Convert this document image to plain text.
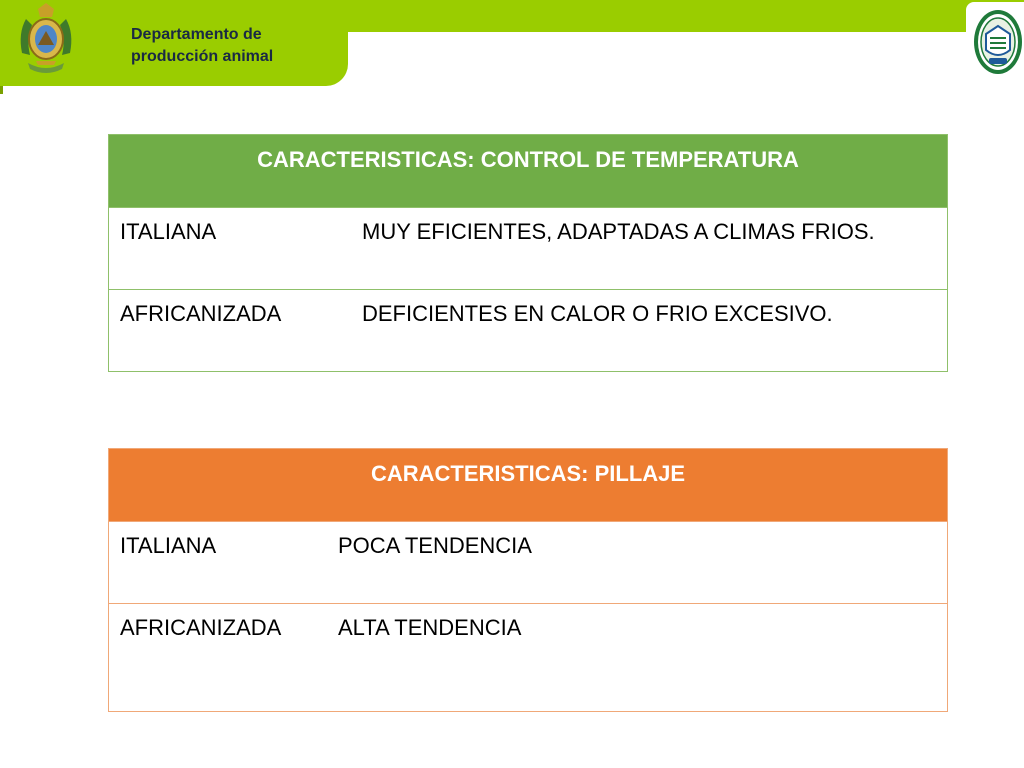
Departamento de
producción animal
CARACTERISTICAS: CONTROL DE TEMPERATURA	
ITALIANA	MUY EFICIENTES, ADAPTADAS A CLIMAS FRIOS.
AFRICANIZADA	DEFICIENTES EN CALOR O FRIO EXCESIVO.
CARACTERISTICAS: PILLAJE	
ITALIANA	POCA TENDENCIA
AFRICANIZADA	ALTA TENDENCIA
